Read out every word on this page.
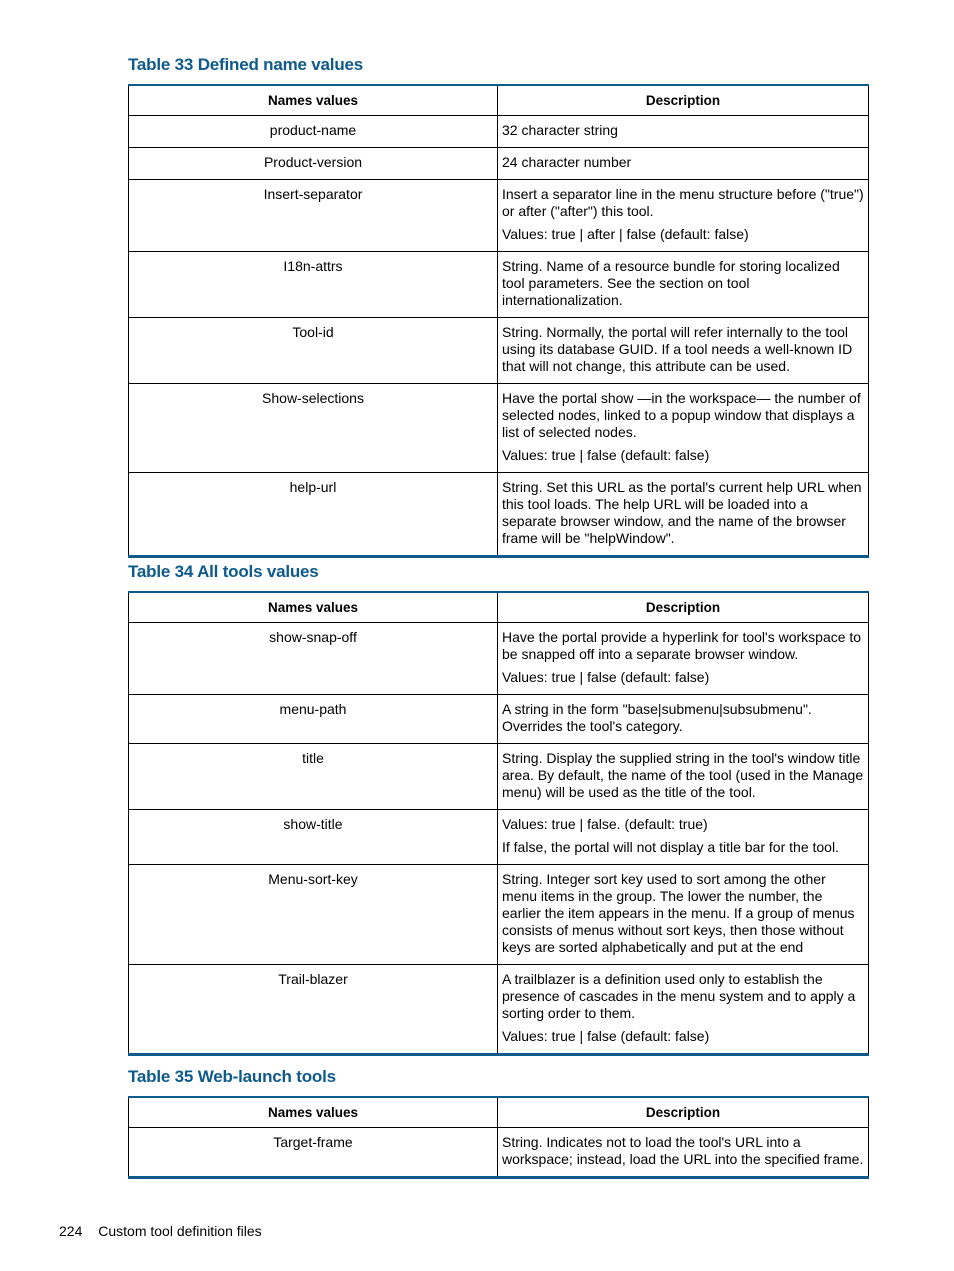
Table 33 Defined name values
Names values	Description
product-name	32 character string

Product-version	24 character number

Insert-separator	Insert a separator line in the menu structure before ("true") or after ("after") this tool.
Values: true | after | false (default: false)

I18n-attrs	String. Name of a resource bundle for storing localized tool parameters. See the section on tool internationalization.

Tool-id	String. Normally, the portal will refer internally to the tool using its database GUID. If a tool needs a well-known ID that will not change, this attribute can be used.

Show-selections	Have the portal show —in the workspace— the number of selected nodes, linked to a popup window that displays a list of selected nodes.
Values: true | false (default: false)

help-url	String. Set this URL as the portal's current help URL when this tool loads. The help URL will be loaded into a separate browser window, and the name of the browser frame will be "helpWindow".
Table 34 All tools values
Names values	Description
show-snap-off	Have the portal provide a hyperlink for tool's workspace to be snapped off into a separate browser window.
Values: true | false (default: false)

menu-path	A string in the form "base|submenu|subsubmenu". Overrides the tool's category.

title	String. Display the supplied string in the tool's window title area. By default, the name of the tool (used in the Manage menu) will be used as the title of the tool.

show-title	Values: true | false. (default: true)
If false, the portal will not display a title bar for the tool.

Menu-sort-key	String. Integer sort key used to sort among the other menu items in the group. The lower the number, the earlier the item appears in the menu. If a group of menus consists of menus without sort keys, then those without keys are sorted alphabetically and put at the end

Trail-blazer	A trailblazer is a definition used only to establish the presence of cascades in the menu system and to apply a sorting order to them.
Values: true | false (default: false)
Table 35 Web-launch tools
Names values	Description
Target-frame	String. Indicates not to load the tool's URL into a workspace; instead, load the URL into the specified frame.
224 Custom tool definition files
